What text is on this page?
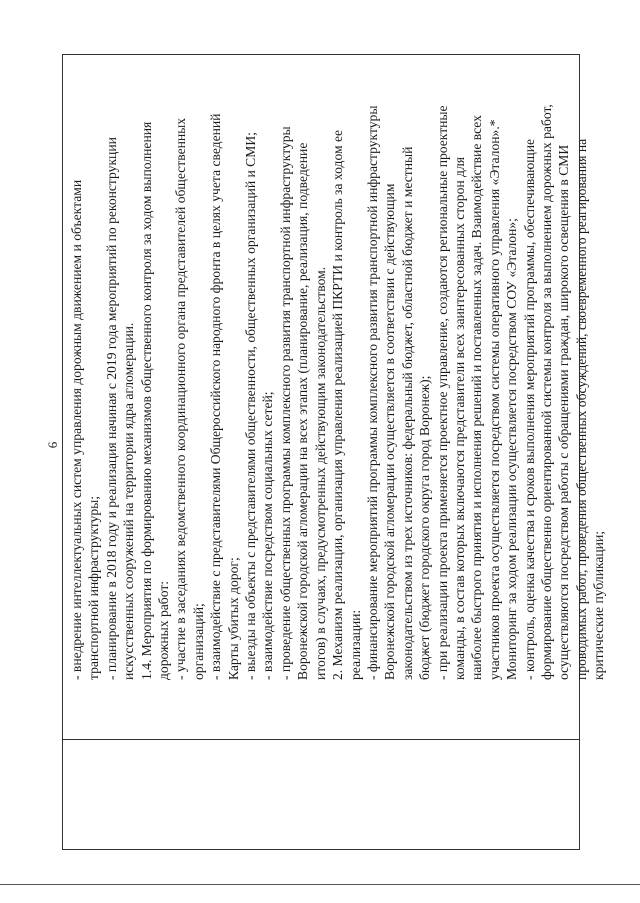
6 - внедрение интеллектуальных систем управления дорожным движением и объектами транспортной инфраструктуры; - планирование в 2018 году и реализация начиная с 2019 года мероприятий по реконструкции искусственных сооружений на территории ядра агломерации. 1.4. Мероприятия по формированию механизмов общественного контроля за ходом выполнения дорожных работ: - участие в заседаниях ведомственного координационного органа представителей общественных организаций; - взаимодействие с представителями Общероссийского народного фронта в целях учета сведений Карты убитых дорог; - выезды на объекты с представителями общественности, общественных организаций и СМИ; - взаимодействие посредством социальных сетей; - проведение общественных программы комплексного развития транспортной инфраструктуры Воронежской городской агломерации на всех этапах (планирование, реализация, подведение итогов) в случаях, предусмотренных действующим законодательством. 2. Механизм реализации, организация управления реализацией ПКРТИ и контроль за ходом ее реализации: - финансирование мероприятий программы комплексного развития транспортной инфраструктуры Воронежской городской агломерации осуществляется в соответствии с действующим законодательством из трех источников: федеральный бюджет, областной бюджет и местный бюджет (бюджет городского округа город Воронеж); - при реализации проекта применяется проектное управление, создаются региональные проектные команды, в состав которых включаются представители всех заинтересованных сторон для наиболее быстрого принятия и исполнения решений и поставленных задач. Взаимодействие всех участников проекта осуществляется посредством системы оперативного управления «Эталон».* Мониторинг за ходом реализации осуществляется посредством СОУ «Эталон»; - контроль, оценка качества и сроков выполнения мероприятий программы, обеспечивающие формирование общественно ориентированной системы контроля за выполнением дорожных работ, осуществляются посредством работы с обращениями граждан, широкого освещения в СМИ проводимых работ, проведения общественных обсуждений, своевременного реагирования на критические публикации;
